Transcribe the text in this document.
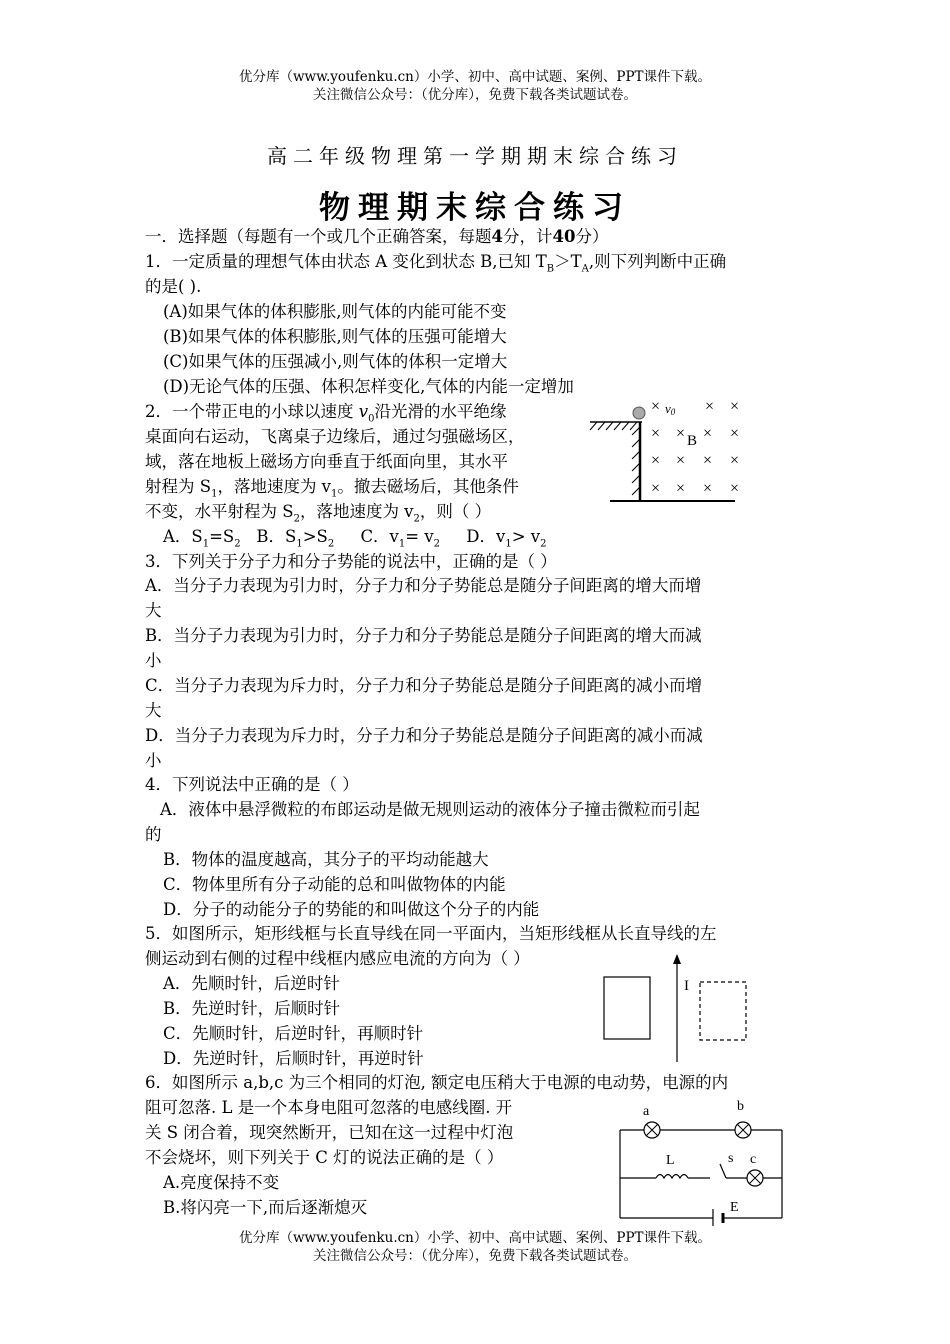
优分库（www.youfenku.cn）小学、初中、高中试题、案例、PPT课件下载。
关注微信公众号：（优分库），免费下载各类试题试卷。
高二年级物理第一学期期末综合练习
物理期末综合练习
一．选择题（每题有一个或几个正确答案，每题4分，计40分）
1．一定质量的理想气体由状态 A 变化到状态 B,已知 $T_B>T_A$,则下列判断中正确
的是( ).
(A)如果气体的体积膨胀,则气体的内能可能不变
(B)如果气体的体积膨胀,则气体的压强可能增大
(C)如果气体的压强减小,则气体的体积一定增大
(D)无论气体的压强、体积怎样变化,气体的内能一定增加
2．一个带正电的小球以速度 $v_0$沿光滑的水平绝缘
桌面向右运动，飞离桌子边缘后，通过匀强磁场区，
域，落在地板上磁场方向垂直于纸面向里，其水平
射程为 $S_1$，落地速度为 $v_1$。撤去磁场后，其他条件
不变，水平射程为 $S_2$，落地速度为 $v_2$，则（ ）
A．$S_1=S_2$ B．$S_1>S_2$ C．$v_1= v_2$ D．$v_1> v_2$
×	× ×
× × × ×
× × × ×
× × × ×
v0
B
3．下列关于分子力和分子势能的说法中，正确的是（ ）
A．当分子力表现为引力时，分子力和分子势能总是随分子间距离的增大而增
大
B．当分子力表现为引力时，分子力和分子势能总是随分子间距离的增大而减
小
C．当分子力表现为斥力时，分子力和分子势能总是随分子间距离的减小而增
大
D．当分子力表现为斥力时，分子力和分子势能总是随分子间距离的减小而减
小
4．下列说法中正确的是（ ）
A．液体中悬浮微粒的布郎运动是做无规则运动的液体分子撞击微粒而引起
的
B．物体的温度越高，其分子的平均动能越大
C．物体里所有分子动能的总和叫做物体的内能
D．分子的动能分子的势能的和叫做这个分子的内能
5．如图所示，矩形线框与长直导线在同一平面内，当矩形线框从长直导线的左
侧运动到右侧的过程中线框内感应电流的方向为（ ）
A．先顺时针，后逆时针
B．先逆时针，后顺时针
C．先顺时针，后逆时针，再顺时针
D．先逆时针，后顺时针，再逆时针
I
6．如图所示 a,b,c 为三个相同的灯泡, 额定电压稍大于电源的电动势，电源的内
阻可忽落. L 是一个本身电阻可忽落的电感线圈. 开
关 S 闭合着，现突然断开，已知在这一过程中灯泡
不会烧坏，则下列关于 C 灯的说法正确的是（ ）
A.亮度保持不变
B.将闪亮一下,而后逐渐熄灭
a	b
c
L	s
E
优分库（www.youfenku.cn）小学、初中、高中试题、案例、PPT课件下载。
关注微信公众号：（优分库），免费下载各类试题试卷。
